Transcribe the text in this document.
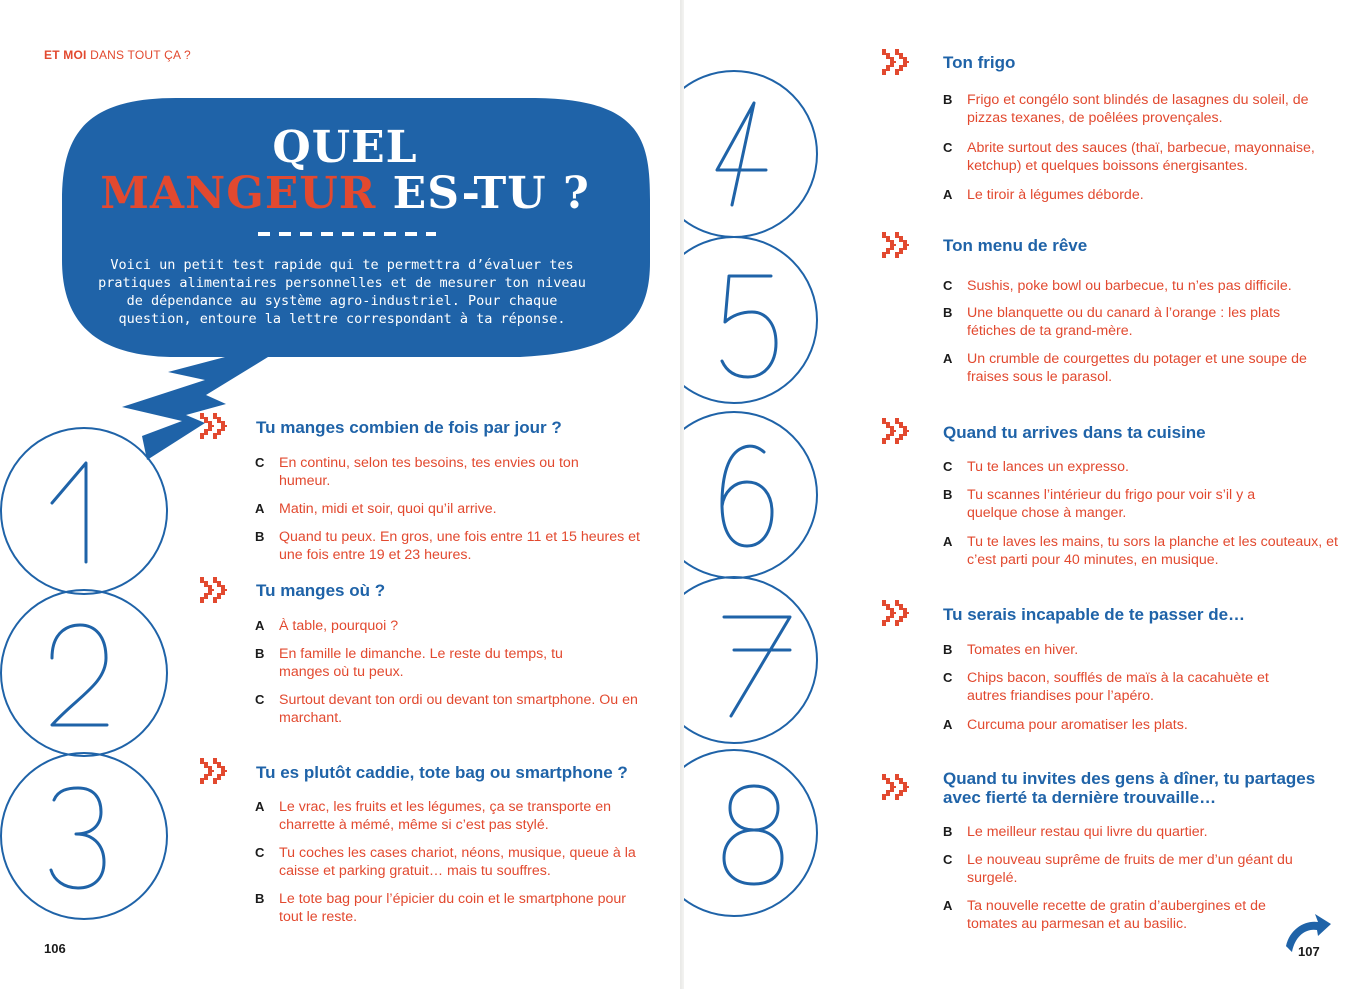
ET MOI DANS TOUT ÇA ?
QUEL
MANGEUR ES-TU ?
Voici un petit test rapide qui te permettra d’évaluer tes pratiques alimentaires personnelles et de mesurer ton niveau de dépendance au système agro-industriel. Pour chaque question, entoure la lettre correspondant à ta réponse.
Tu manges combien de fois par jour ?
C En continu, selon tes besoins, tes envies ou ton humeur.
A Matin, midi et soir, quoi qu’il arrive.
B Quand tu peux. En gros, une fois entre 11 et 15 heures et une fois entre 19 et 23 heures.
Tu manges où ?
A À table, pourquoi ?
B En famille le dimanche. Le reste du temps, tu manges où tu peux.
C Surtout devant ton ordi ou devant ton smartphone. Ou en marchant.
Tu es plutôt caddie, tote bag ou smartphone ?
A Le vrac, les fruits et les légumes, ça se transporte en charrette à mémé, même si c’est pas stylé.
C Tu coches les cases chariot, néons, musique, queue à la caisse et parking gratuit… mais tu souffres.
B Le tote bag pour l’épicier du coin et le smartphone pour tout le reste.
106
Ton frigo
B Frigo et congélo sont blindés de lasagnes du soleil, de pizzas texanes, de poêlées provençales.
C Abrite surtout des sauces (thaï, barbecue, mayonnaise, ketchup) et quelques boissons énergisantes.
A Le tiroir à légumes déborde.
Ton menu de rêve
C Sushis, poke bowl ou barbecue, tu n’es pas difficile.
B Une blanquette ou du canard à l’orange : les plats fétiches de ta grand-mère.
A Un crumble de courgettes du potager et une soupe de fraises sous le parasol.
Quand tu arrives dans ta cuisine
C Tu te lances un expresso.
B Tu scannes l’intérieur du frigo pour voir s’il y a quelque chose à manger.
A Tu te laves les mains, tu sors la planche et les couteaux, et c’est parti pour 40 minutes, en musique.
Tu serais incapable de te passer de…
B Tomates en hiver.
C Chips bacon, soufflés de maïs à la cacahuète et autres friandises pour l’apéro.
A Curcuma pour aromatiser les plats.
Quand tu invites des gens à dîner, tu partages avec fierté ta dernière trouvaille…
B Le meilleur restau qui livre du quartier.
C Le nouveau suprême de fruits de mer d’un géant du surgelé.
A Ta nouvelle recette de gratin d’aubergines et de tomates au parmesan et au basilic.
107
